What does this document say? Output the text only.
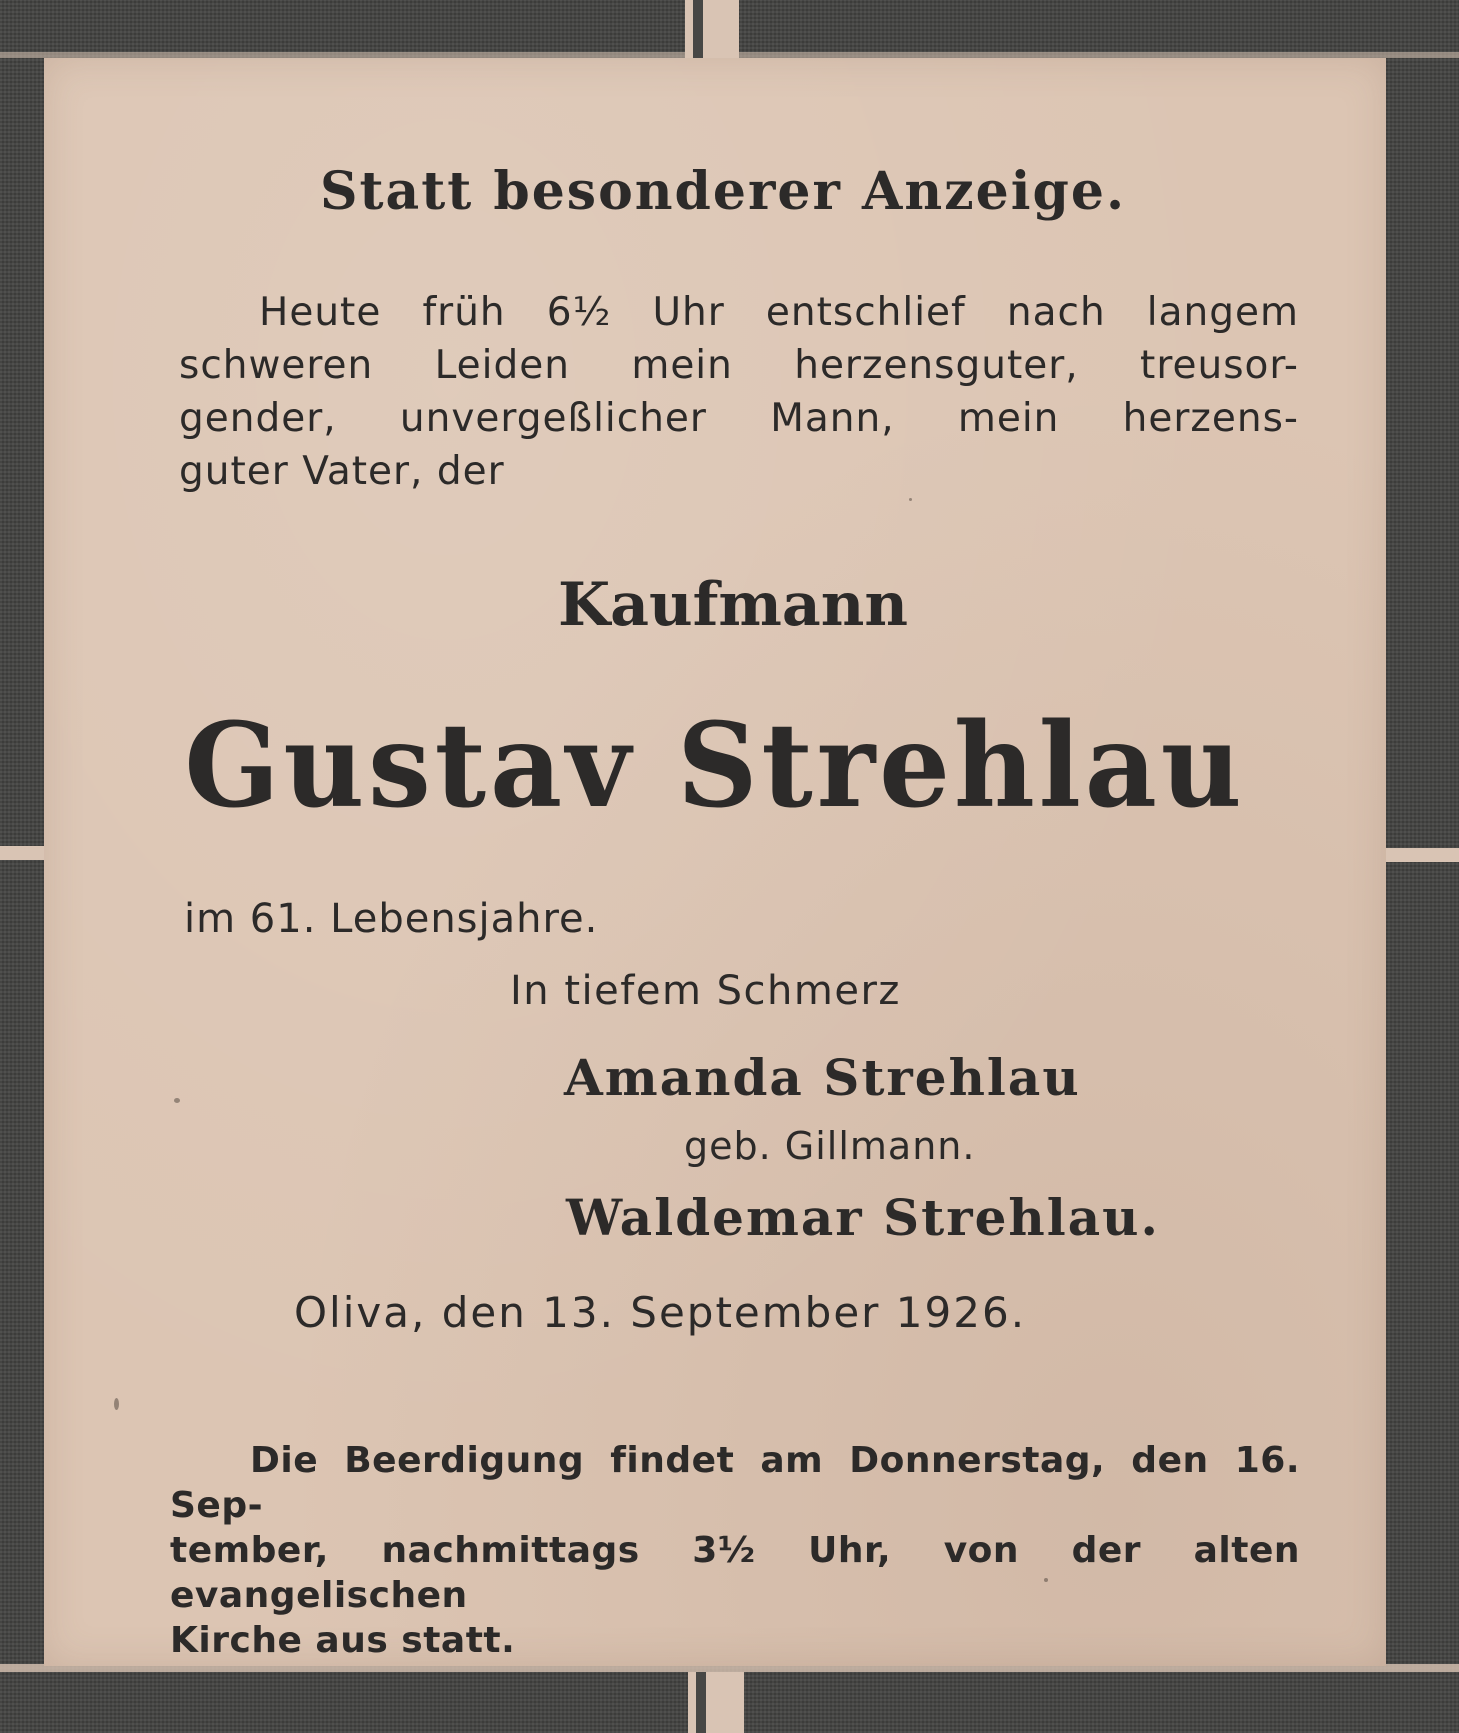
Statt besonderer Anzeige.

Heute früh 6½ Uhr entschlief nach langem
schweren Leiden mein herzensguter, treusor-
gender, unvergeßlicher Mann, mein herzens-
guter Vater, der

Kaufmann

Gustav Strehlau

im 61. Lebensjahre.

In tiefem Schmerz

Amanda Strehlau

geb. Gillmann.

Waldemar Strehlau.

Oliva, den 13. September 1926.

Die Beerdigung findet am Donnerstag, den 16. Sep-
tember, nachmittags 3½ Uhr, von der alten evangelischen
Kirche aus statt.
